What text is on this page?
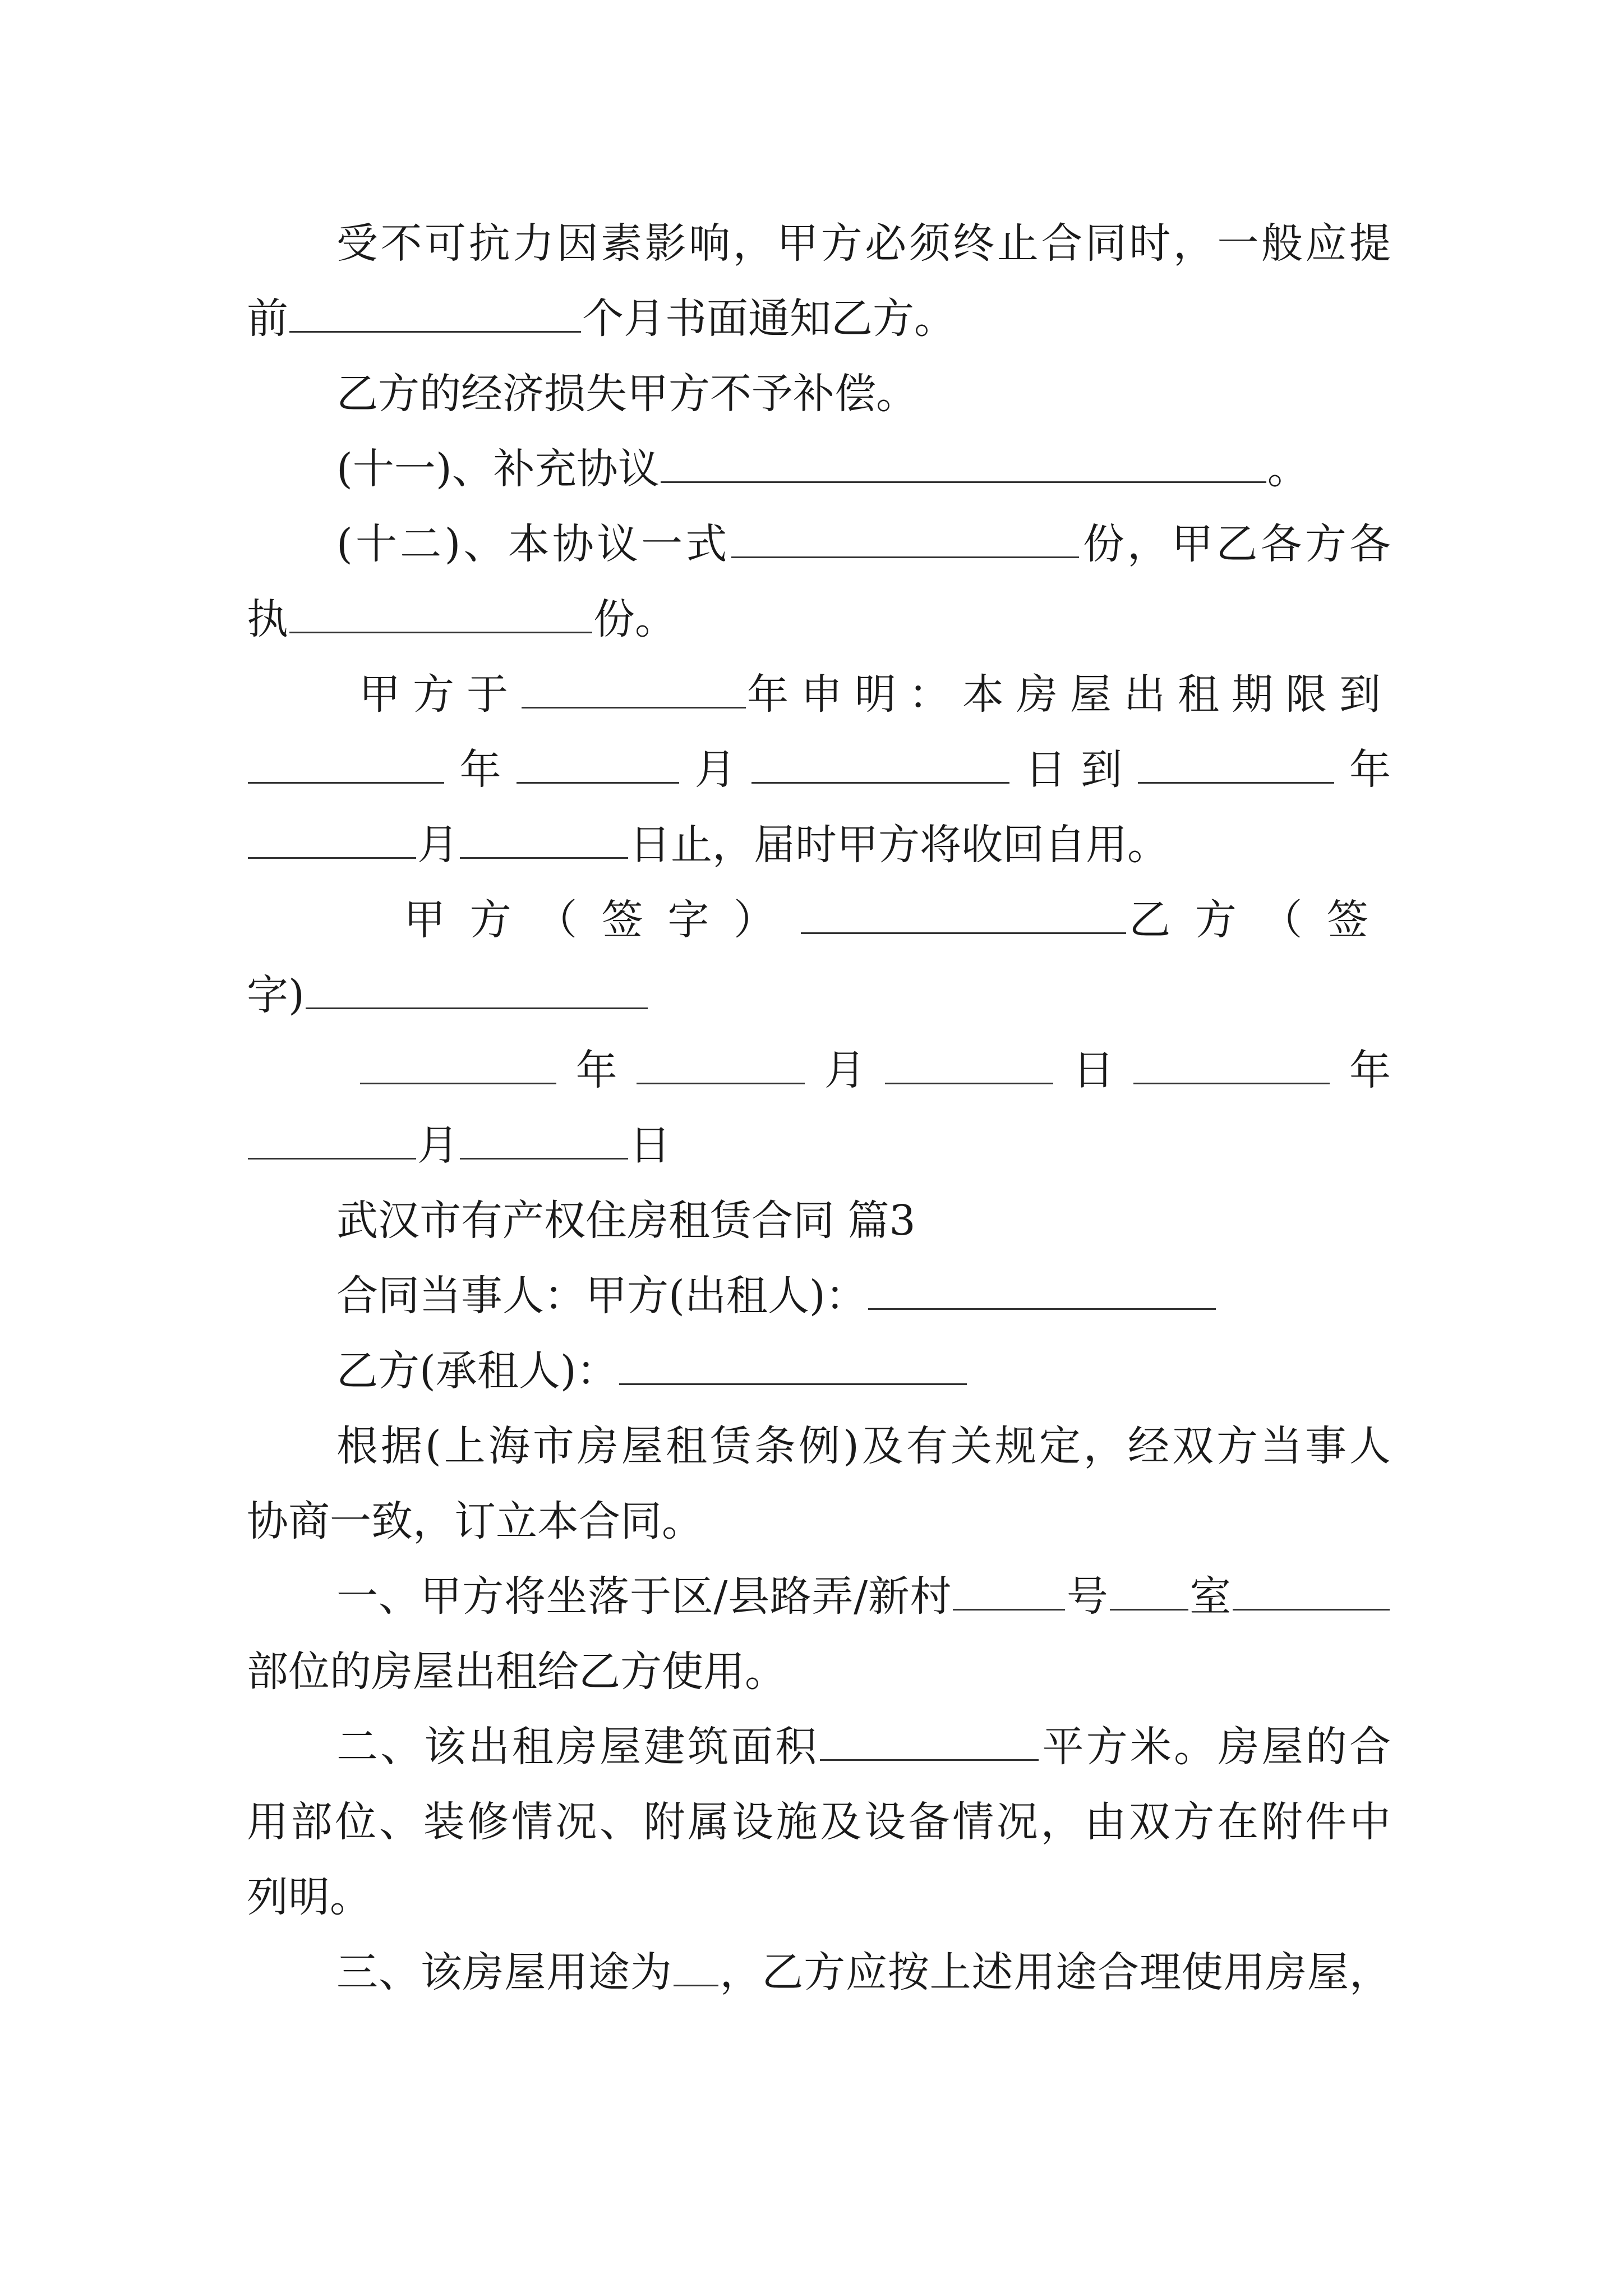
受不可抗力因素影响，甲方必须终止合同时，一般应提
前	个月书面通知乙方。
乙方的经济损失甲方不予补偿。
(十一)、补充协议	。
(十二)、本协议一式	份，甲乙各方各
执	份。
甲方于	年申明：本房屋出租期限到
年	月	日到	年
月	日止，届时甲方将收回自用。
甲方（签字）	乙方（签
字)
年	月	日	年
月	日
武汉市有产权住房租赁合同 篇3
合同当事人：甲方(出租人)：
乙方(承租人)：
根据(上海市房屋租赁条例)及有关规定，经双方当事人
协商一致，订立本合同。
一、甲方将坐落于区/县路弄/新村	号 室
部位的房屋出租给乙方使用。
二、该出租房屋建筑面积	平方米。房屋的合
用部位、装修情况、附属设施及设备情况，由双方在附件中
列明。
三、该房屋用途为 ，乙方应按上述用途合理使用房屋，
